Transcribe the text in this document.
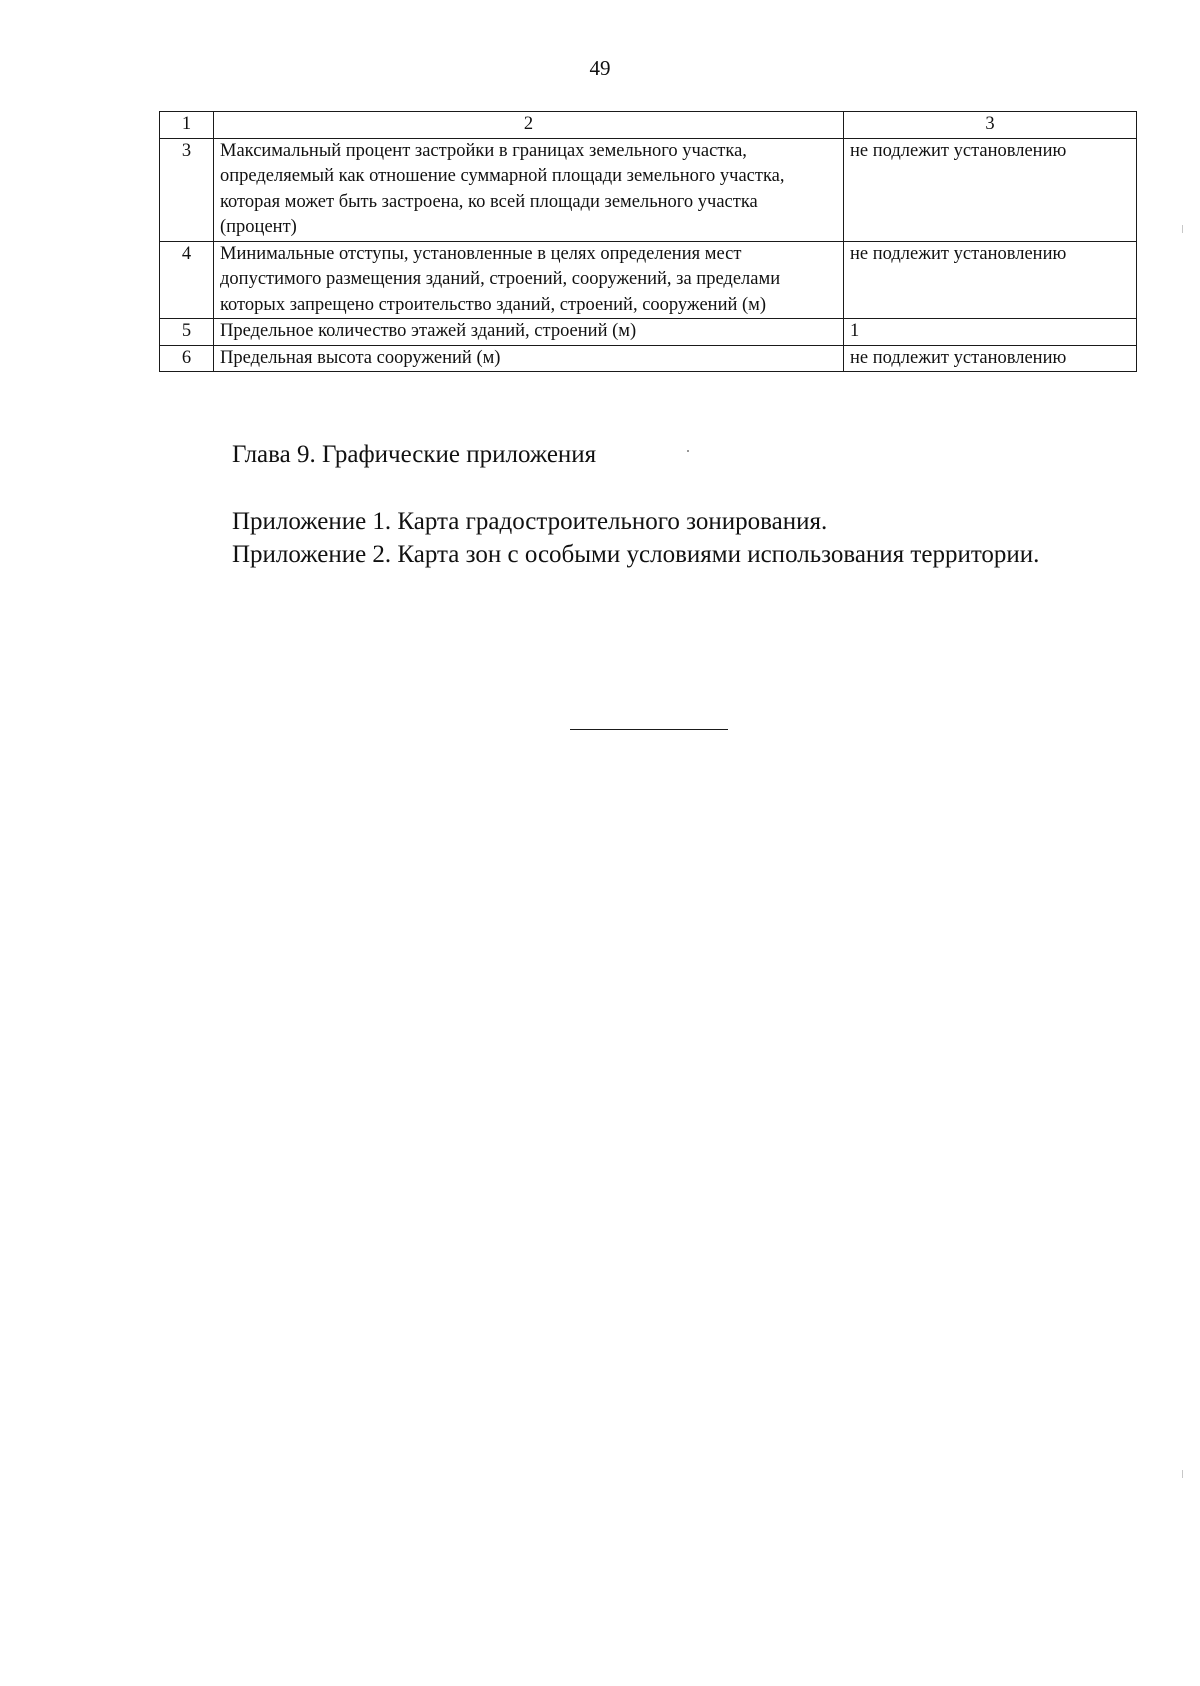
49
1	2	3
3	Максимальный процент застройки в границах земельного участка, определяемый как отношение суммарной площади земельного участка, которая может быть застроена, ко всей площади земельного участка (процент)	не подлежит установлению
4	Минимальные отступы, установленные в целях определения мест допустимого размещения зданий, строений, сооружений, за пределами которых запрещено строительство зданий, строений, сооружений (м)	не подлежит установлению
5	Предельное количество этажей зданий, строений (м)	1
6	Предельная высота сооружений (м)	не подлежит установлению
Глава 9. Графические приложения
Приложение 1. Карта градостроительного зонирования.
Приложение 2. Карта зон с особыми условиями использования территории.
